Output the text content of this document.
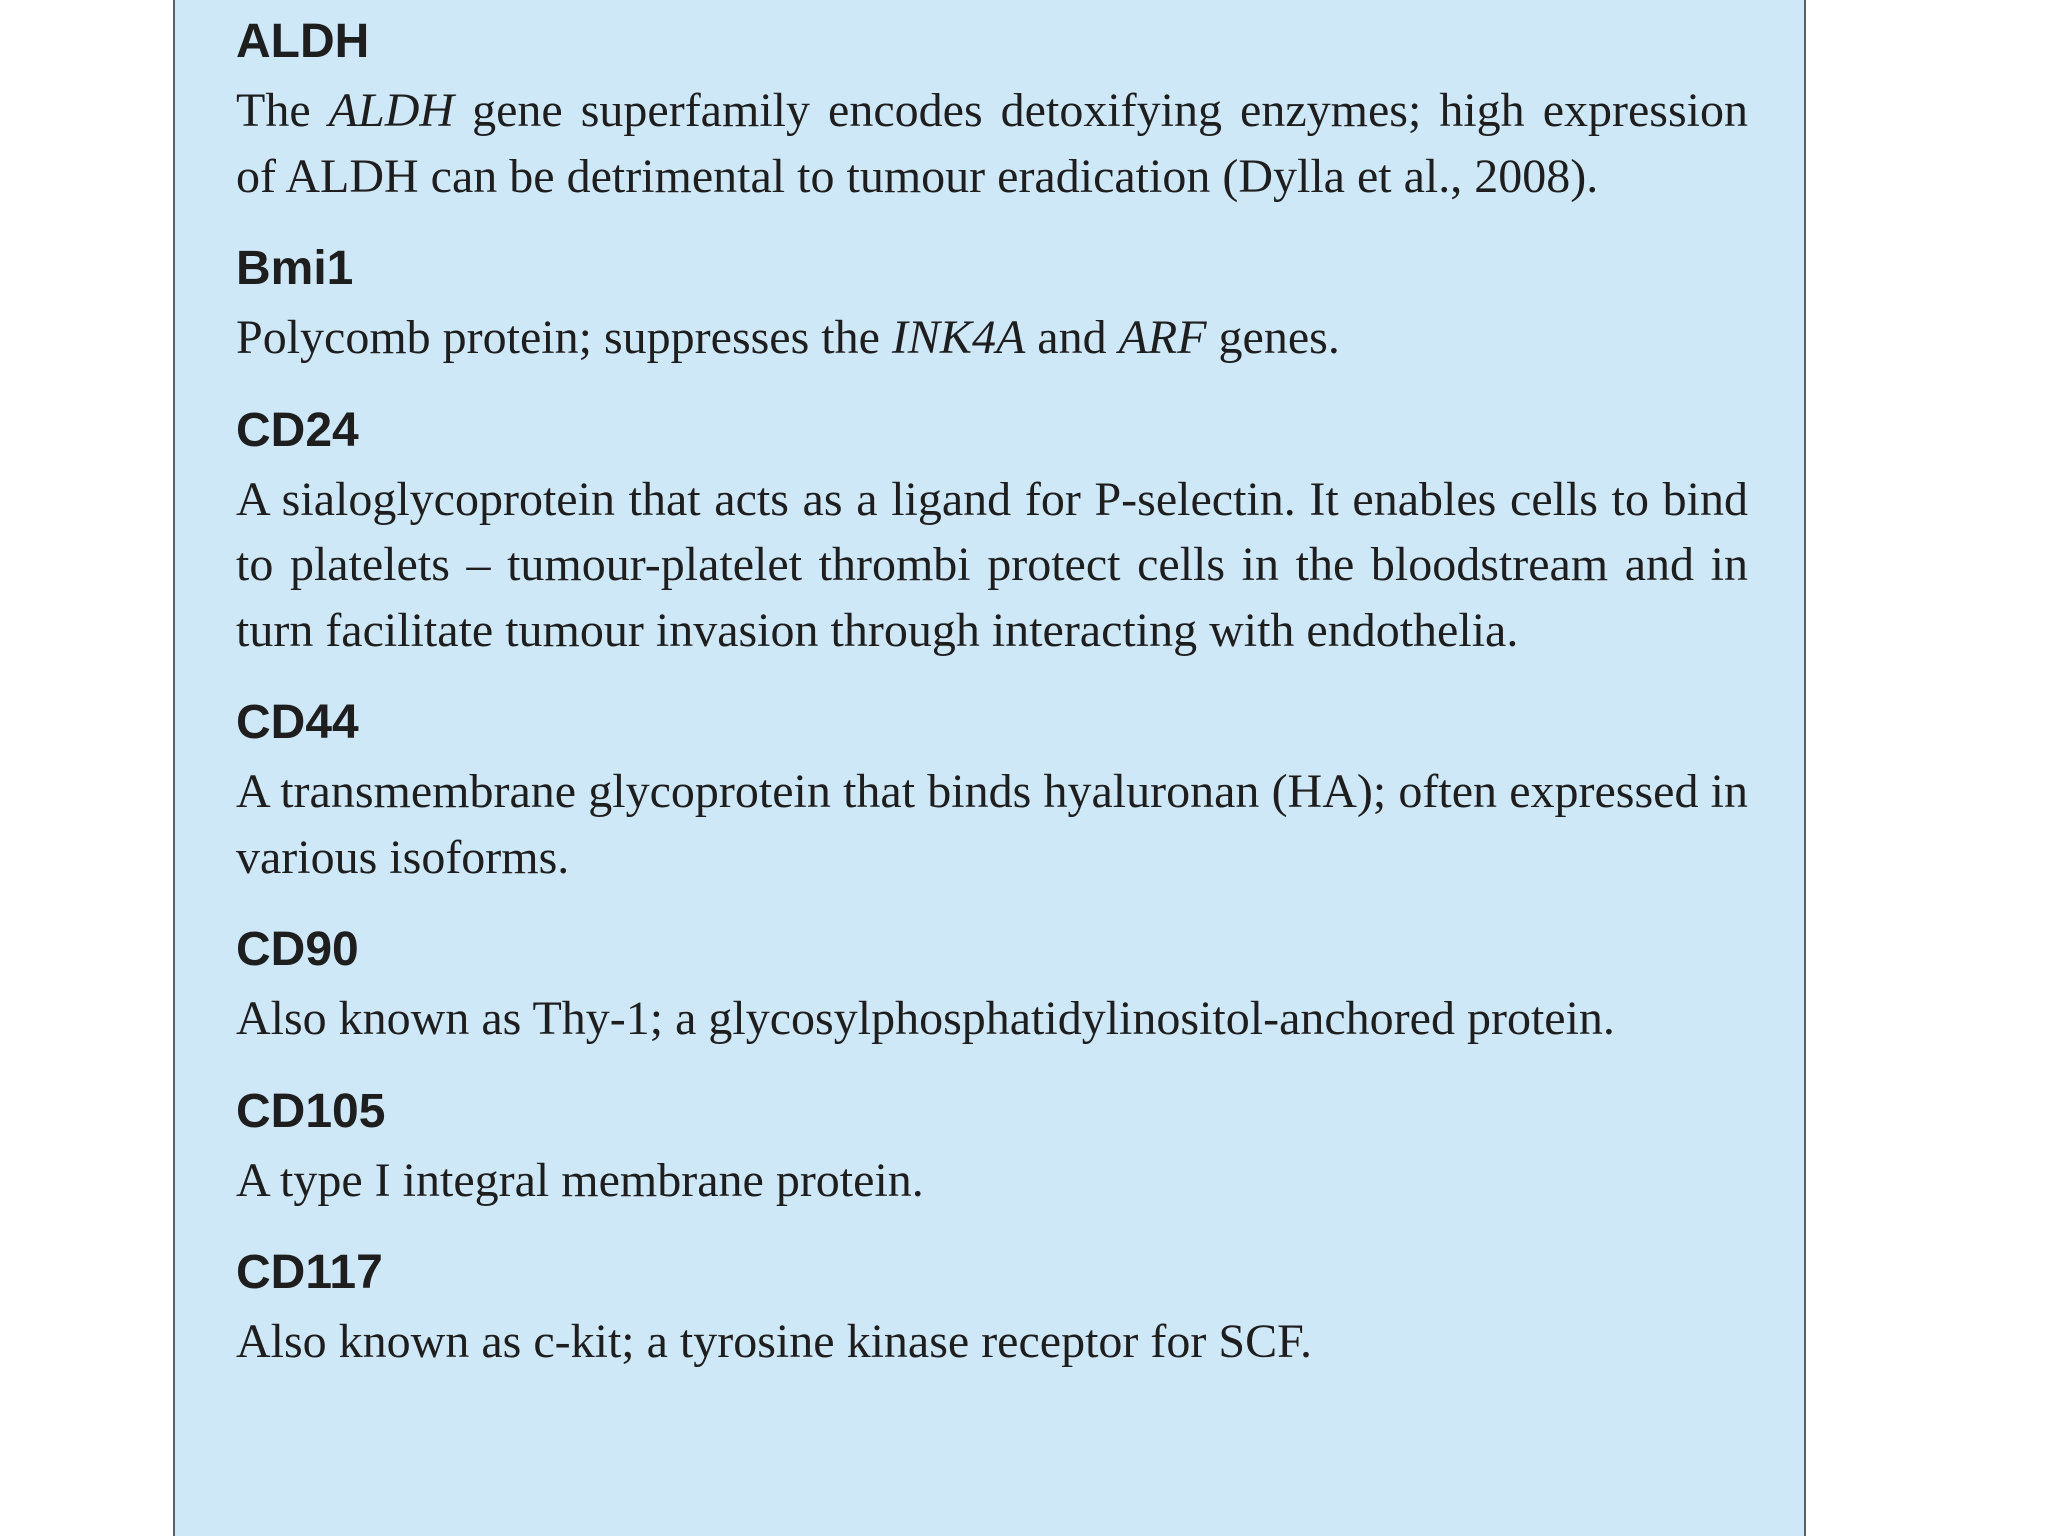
ALDH

The ALDH gene superfamily encodes detoxifying enzymes; high expression of ALDH can be detrimental to tumour eradication (Dylla et al., 2008).

Bmi1

Polycomb protein; suppresses the INK4A and ARF genes.

CD24

A sialoglycoprotein that acts as a ligand for P-selectin. It enables cells to bind to platelets – tumour-platelet thrombi protect cells in the bloodstream and in turn facilitate tumour invasion through interacting with endothelia.

CD44

A transmembrane glycoprotein that binds hyaluronan (HA); often expressed in various isoforms.

CD90

Also known as Thy-1; a glycosylphosphatidylinositol-anchored protein.

CD105

A type I integral membrane protein.

CD117

Also known as c-kit; a tyrosine kinase receptor for SCF.
